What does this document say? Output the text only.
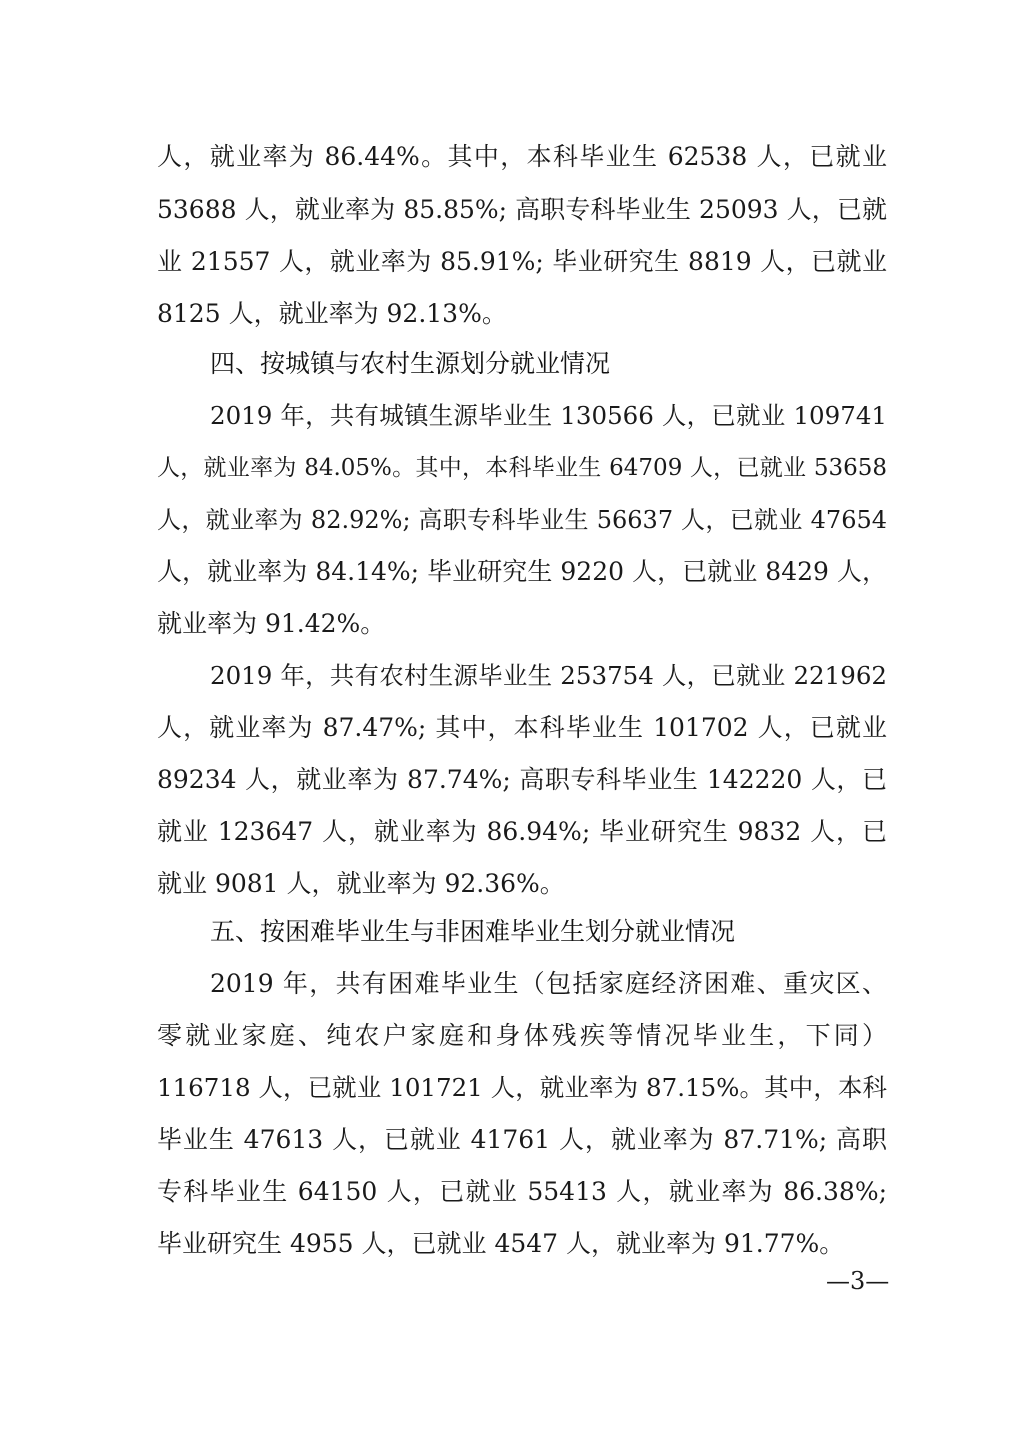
人，就业率为 86.44%。其中，本科毕业生 62538 人，已就业
53688 人，就业率为 85.85%; 高职专科毕业生 25093 人，已就
业 21557 人，就业率为 85.91%; 毕业研究生 8819 人，已就业
8125 人，就业率为 92.13%。
四、按城镇与农村生源划分就业情况
2019 年，共有城镇生源毕业生 130566 人，已就业 109741
人，就业率为 84.05%。其中，本科毕业生 64709 人，已就业 53658
人，就业率为 82.92%; 高职专科毕业生 56637 人，已就业 47654
人，就业率为 84.14%; 毕业研究生 9220 人，已就业 8429 人，
就业率为 91.42%。
2019 年，共有农村生源毕业生 253754 人，已就业 221962
人，就业率为 87.47%; 其中，本科毕业生 101702 人，已就业
89234 人，就业率为 87.74%; 高职专科毕业生 142220 人，已
就业 123647 人，就业率为 86.94%; 毕业研究生 9832 人，已
就业 9081 人，就业率为 92.36%。
五、按困难毕业生与非困难毕业生划分就业情况
2019 年，共有困难毕业生（包括家庭经济困难、重灾区、
零就业家庭、纯农户家庭和身体残疾等情况毕业生，下同）
116718 人，已就业 101721 人，就业率为 87.15%。其中，本科
毕业生 47613 人，已就业 41761 人，就业率为 87.71%; 高职
专科毕业生 64150 人，已就业 55413 人，就业率为 86.38%;
毕业研究生 4955 人，已就业 4547 人，就业率为 91.77%。
—3—
